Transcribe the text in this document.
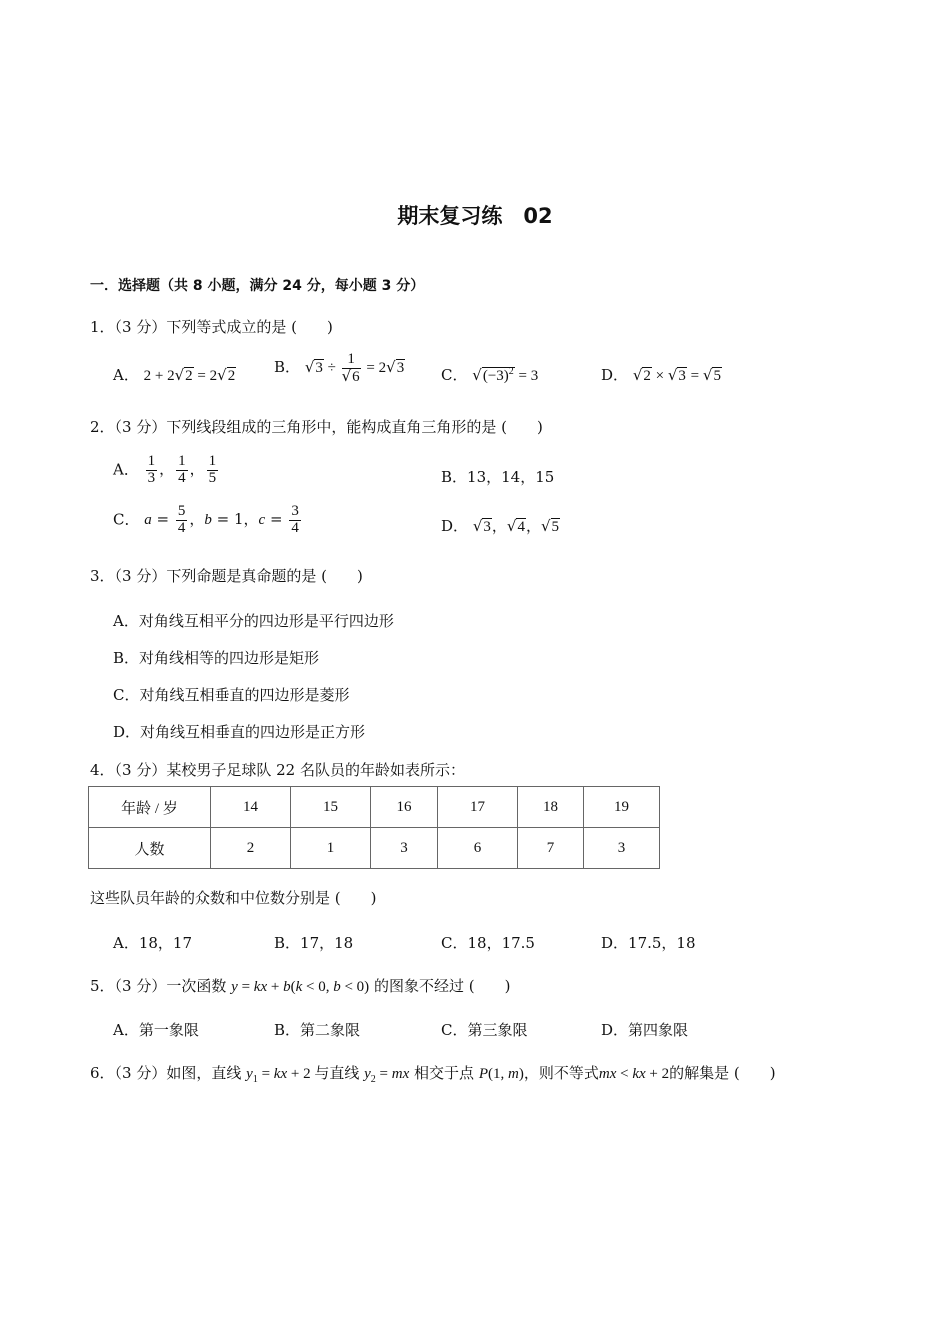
期末复习练　02
一．选择题（共 8 小题，满分 24 分，每小题 3 分）
1．（3 分）下列等式成立的是 (　　)
A． 2 + 2√2 = 2√2	B． $√3 \div \frac{1}{√6} = 2√3$ C． $√(-3)^2 = 3$	D． √2 × √3 = √5
2．（3 分）下列线段组成的三角形中，能构成直角三角形的是 (　　)
A． $\frac{1}{3}$ ， $\frac{1}{4}$ ， $\frac{1}{5}$	B．13，14，15
C． $a = \frac{5}{4}$ ，b = 1，$c = \frac{3}{4}$	D． √3，√4，√5
3．（3 分）下列命题是真命题的是 (　　)
A．对角线互相平分的四边形是平行四边形
B．对角线相等的四边形是矩形
C．对角线互相垂直的四边形是菱形
D．对角线互相垂直的四边形是正方形
4．（3 分）某校男子足球队 22 名队员的年龄如表所示：
年龄 / 岁	14	15	16	17	18	19
人数	2	1	3	6	7	3
这些队员年龄的众数和中位数分别是 (　　)
A．18，17	B．17，18	C．18，17.5	D．17.5，18
5．（3 分）一次函数 y = kx + b(k < 0, b < 0) 的图象不经过 (　　)
A．第一象限	B．第二象限	C．第三象限	D．第四象限
6．（3 分）如图，直线 $y_1$ = kx + 2 与直线 $y_2$ = mx 相交于点 P(1, m)，则不等式mx < kx + 2的解集是 (　　)
